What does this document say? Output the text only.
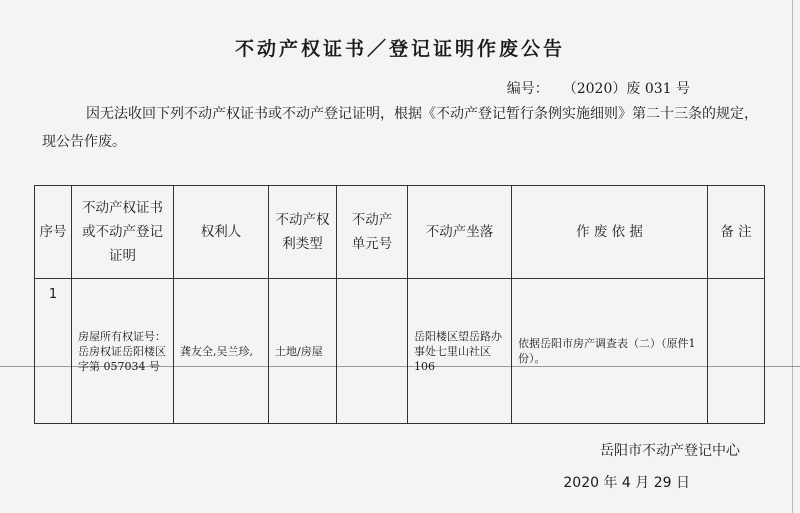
不动产权证书／登记证明作废公告
编号： （2020）废 031 号
因无法收回下列不动产权证书或不动产登记证明，根据《不动产登记暂行条例实施细则》第二十三条的规定，现公告作废。
序号	不动产权证书或不动产登记证明	权利人	不动产权利类型	不动产单元号	不动产坐落	作 废 依 据	备 注
1	房屋所有权证号：岳房权证岳阳楼区字第 057034 号	龚友全,吴兰珍,	土地/房屋		岳阳楼区望岳路办事处七里山社区 106	依据岳阳市房产调查表（二）（原件1份）。	
岳阳市不动产登记中心
2020 年 4 月 29 日
